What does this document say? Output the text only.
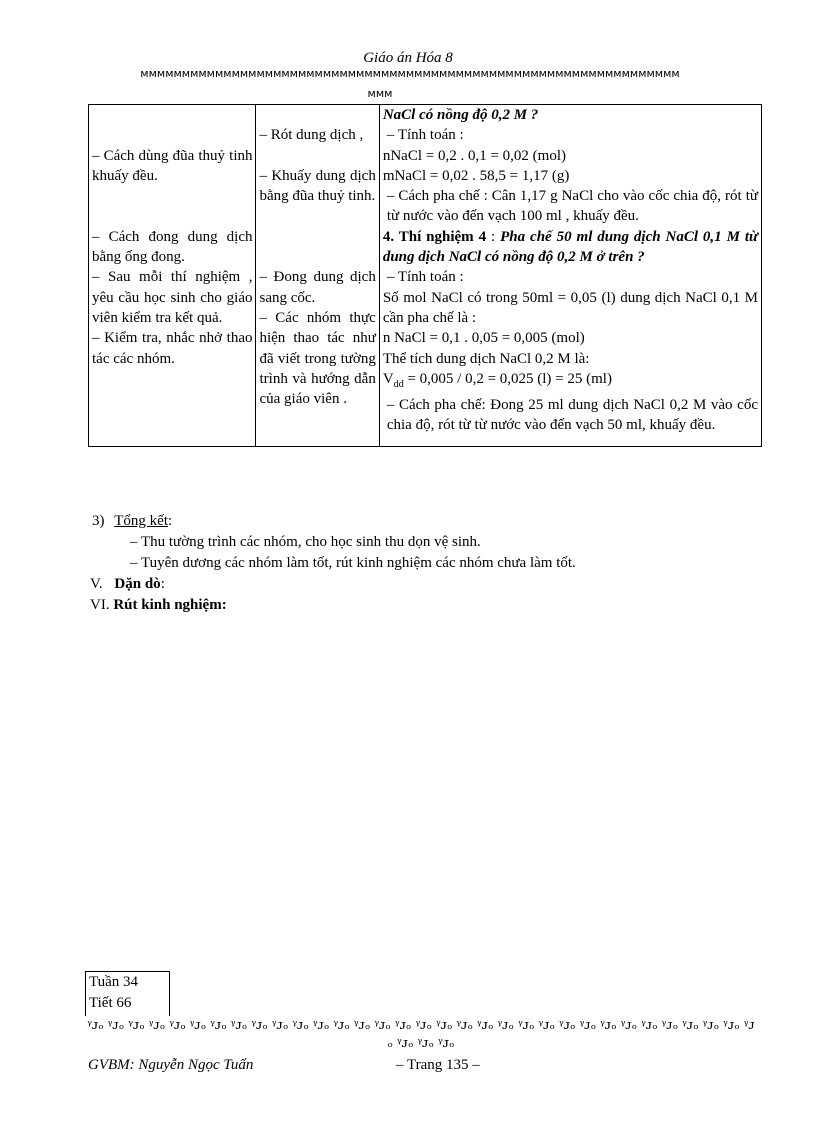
Giáo án Hóa 8
ᴍᴍᴍᴍᴍᴍᴍᴍᴍᴍᴍᴍᴍᴍᴍᴍᴍᴍᴍᴍᴍᴍᴍᴍᴍᴍᴍᴍᴍᴍᴍᴍᴍᴍᴍᴍᴍᴍᴍᴍᴍᴍᴍᴍᴍᴍᴍᴍᴍᴍᴍᴍᴍᴍᴍᴍᴍᴍᴍᴍᴍᴍᴍᴍᴍ
ᴍᴍᴍ
– Cách dùng đũa thuỷ tinh khuấy đều.
– Cách đong dung dịch bằng ống đong.
– Sau mỗi thí nghiệm , yêu cầu học sinh cho giáo viên kiểm tra kết quả.
– Kiểm tra, nhắc nhở thao tác các nhóm.

– Rót dung dịch ,
– Khuấy dung dịch bằng đũa thuỷ tinh.
– Đong dung dịch sang cốc.
– Các nhóm thực hiện thao tác như đã viết trong tường trình và hướng dẫn của giáo viên .

NaCl có nồng độ 0,2 M ?
– Tính toán :
nNaCl = 0,2 . 0,1 = 0,02 (mol)
mNaCl = 0,02 . 58,5 = 1,17 (g)
– Cách pha chế : Cân 1,17 g NaCl cho vào cốc chia độ, rót từ từ nước vào đến vạch 100 ml , khuấy đều.
4. Thí nghiệm 4 : Pha chế 50 ml dung dịch NaCl 0,1 M từ dung dịch NaCl có nồng độ 0,2 M ở trên ?
– Tính toán :
Số mol NaCl có trong 50ml = 0,05 (l) dung dịch NaCl 0,1 M cần pha chế là :
n NaCl = 0,1 . 0,05 = 0,005 (mol)
Thể tích dung dịch NaCl 0,2 M là:
$V_{dd} = 0,005 / 0,2 = 0,025$ (l) = 25 (ml)
– Cách pha chế: Đong 25 ml dung dịch NaCl 0,2 M vào cốc chia độ, rót từ từ nước vào đến vạch 50 ml, khuấy đều.
3) Tổng kết:
– Thu tường trình các nhóm, cho học sinh thu dọn vệ sinh.
– Tuyên dương các nhóm làm tốt, rút kinh nghiệm các nhóm chưa làm tốt.
V. Dặn dò:
VI. Rút kinh nghiệm:
Tuần 34
Tiết 66
ᵞᴊₒ ᵞᴊₒ ᵞᴊₒ ᵞᴊₒ ᵞᴊₒ ᵞᴊₒ ᵞᴊₒ ᵞᴊₒ ᵞᴊₒ ᵞᴊₒ ᵞᴊₒ ᵞᴊₒ ᵞᴊₒ ᵞᴊₒ ᵞᴊₒ ᵞᴊₒ ᵞᴊₒ ᵞᴊₒ ᵞᴊₒ ᵞᴊₒ ᵞᴊₒ ᵞᴊₒ ᵞᴊₒ ᵞᴊₒ ᵞᴊₒ ᵞᴊₒ ᵞᴊₒ ᵞᴊₒ ᵞᴊₒ ᵞᴊₒ ᵞᴊₒ ᵞᴊₒ ᵞᴊₒ ᵞᴊₒ ᵞᴊₒ ᵞᴊₒ
GVBM: Nguyễn Ngọc Tuấn	– Trang 135 –
